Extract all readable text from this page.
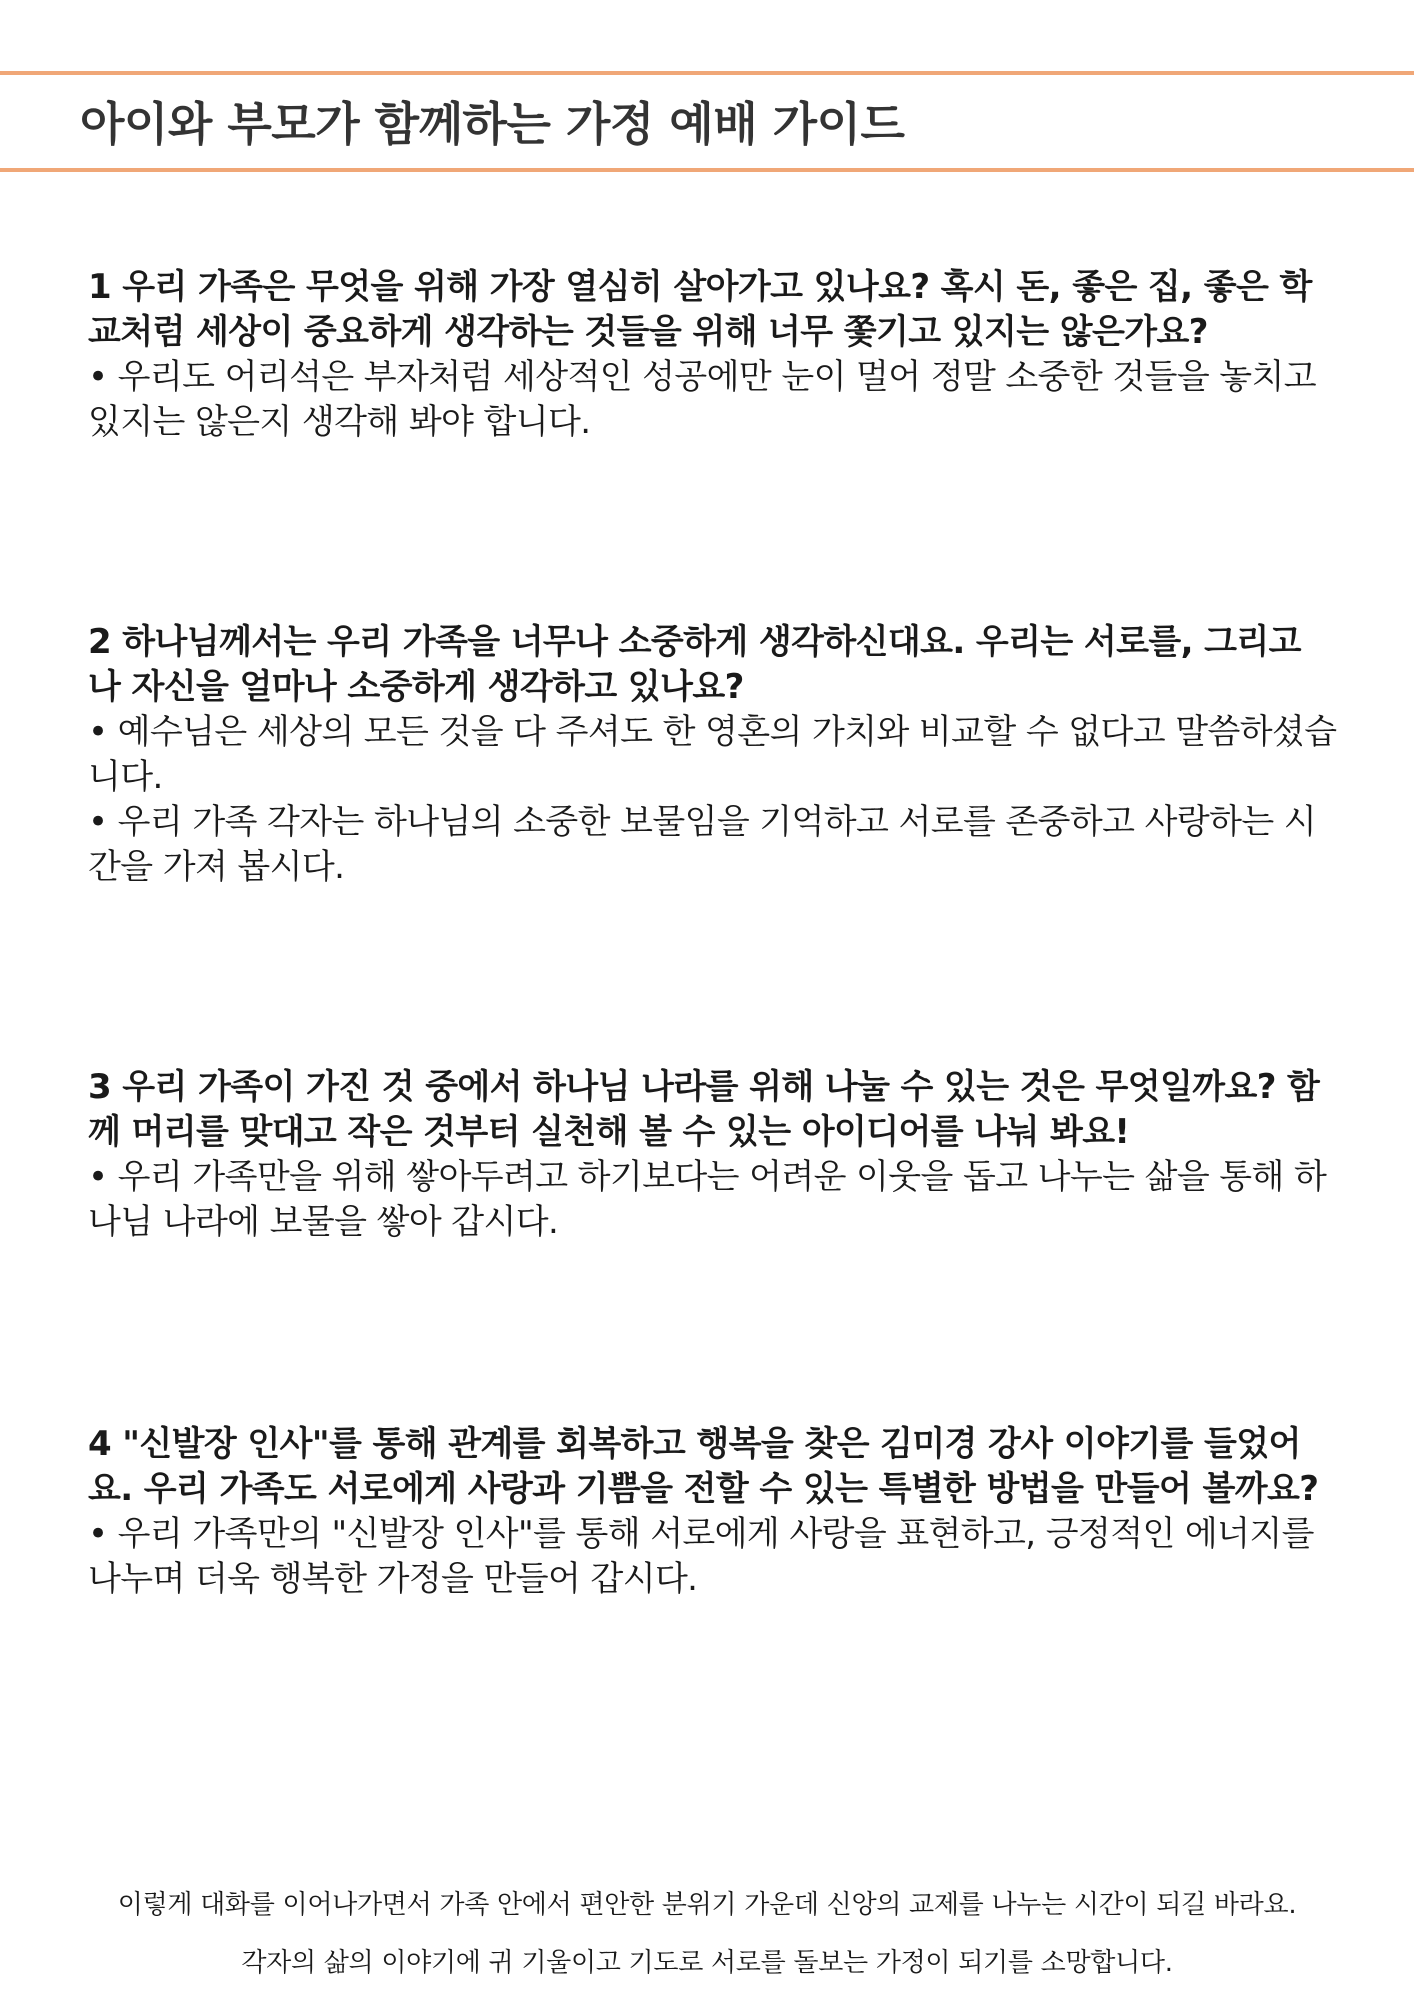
아이와 부모가 함께하는 가정 예배 가이드

1 우리 가족은 무엇을 위해 가장 열심히 살아가고 있나요? 혹시 돈, 좋은 집, 좋은 학교처럼 세상이 중요하게 생각하는 것들을 위해 너무 쫓기고 있지는 않은가요?

• 우리도 어리석은 부자처럼 세상적인 성공에만 눈이 멀어 정말 소중한 것들을 놓치고 있지는 않은지 생각해 봐야 합니다.

2 하나님께서는 우리 가족을 너무나 소중하게 생각하신대요. 우리는 서로를, 그리고 나 자신을 얼마나 소중하게 생각하고 있나요?

• 예수님은 세상의 모든 것을 다 주셔도 한 영혼의 가치와 비교할 수 없다고 말씀하셨습니다.

• 우리 가족 각자는 하나님의 소중한 보물임을 기억하고 서로를 존중하고 사랑하는 시간을 가져 봅시다.

3 우리 가족이 가진 것 중에서 하나님 나라를 위해 나눌 수 있는 것은 무엇일까요? 함께 머리를 맞대고 작은 것부터 실천해 볼 수 있는 아이디어를 나눠 봐요!

• 우리 가족만을 위해 쌓아두려고 하기보다는 어려운 이웃을 돕고 나누는 삶을 통해 하나님 나라에 보물을 쌓아 갑시다.

4 "신발장 인사"를 통해 관계를 회복하고 행복을 찾은 김미경 강사 이야기를 들었어요. 우리 가족도 서로에게 사랑과 기쁨을 전할 수 있는 특별한 방법을 만들어 볼까요?

• 우리 가족만의 "신발장 인사"를 통해 서로에게 사랑을 표현하고, 긍정적인 에너지를 나누며 더욱 행복한 가정을 만들어 갑시다.

이렇게 대화를 이어나가면서 가족 안에서 편안한 분위기 가운데 신앙의 교제를 나누는 시간이 되길 바라요.
각자의 삶의 이야기에 귀 기울이고 기도로 서로를 돌보는 가정이 되기를 소망합니다.
